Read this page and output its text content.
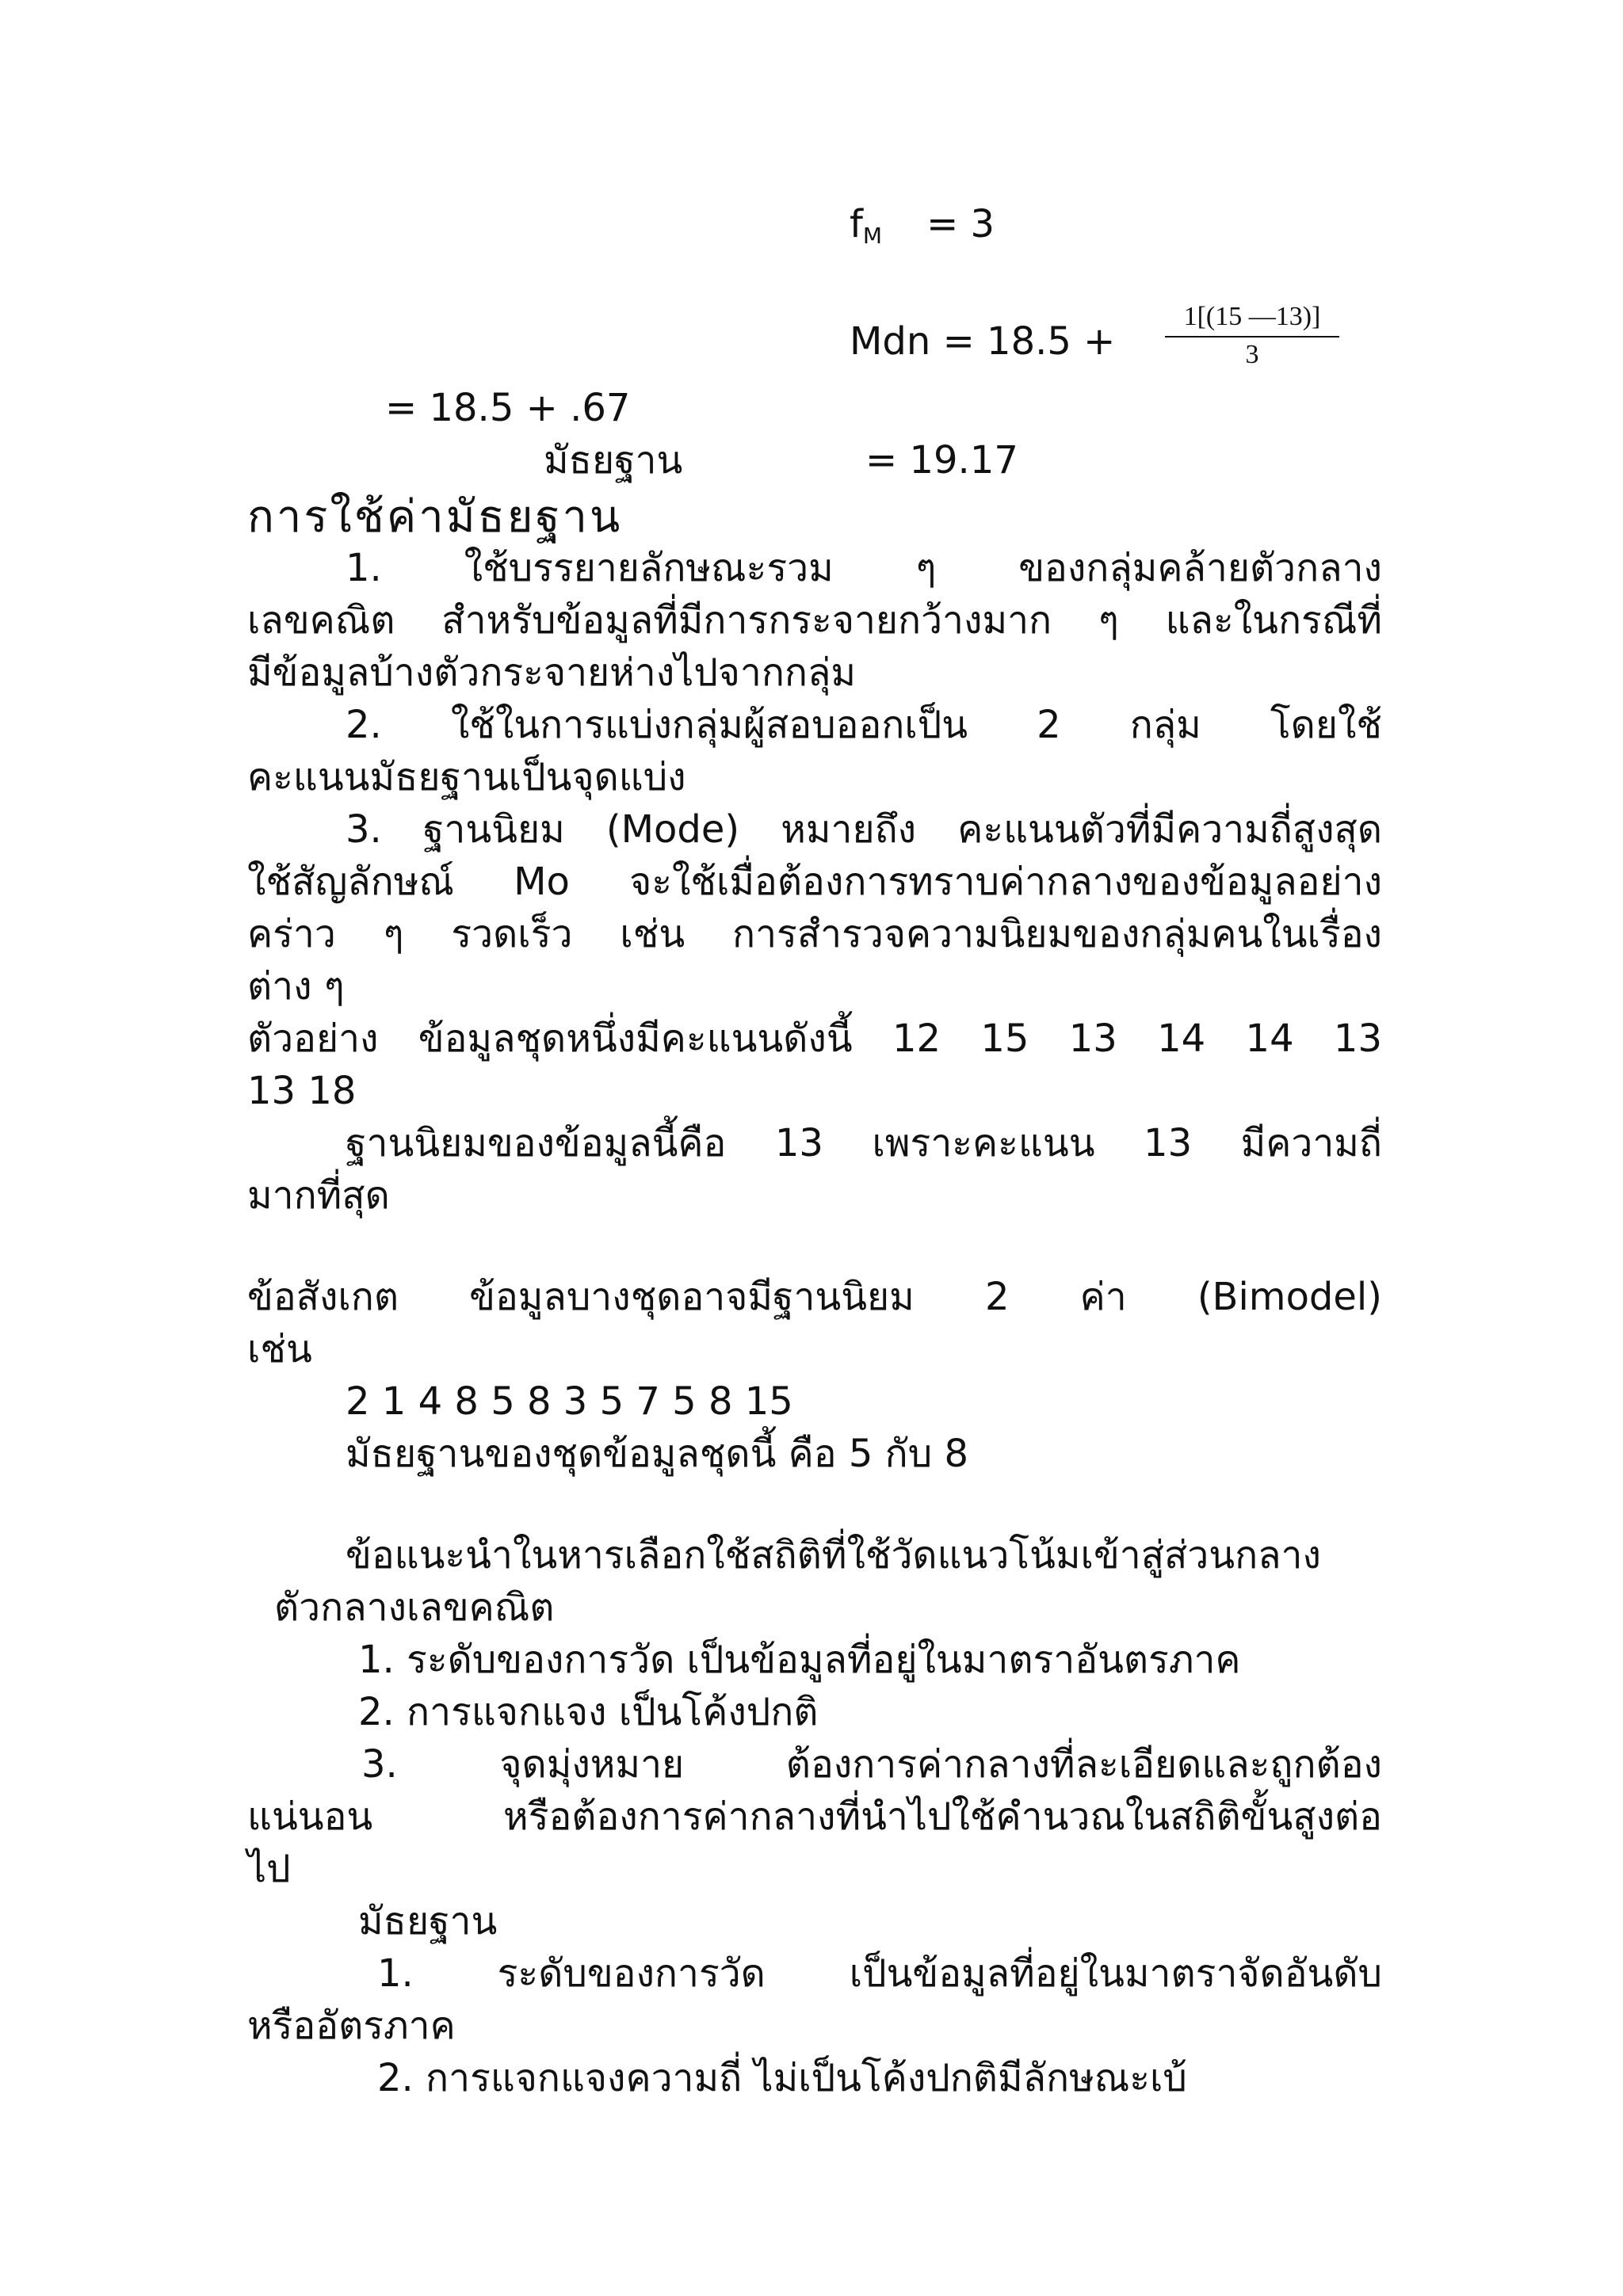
$f_M = 3$
Mdn = $18.5 + \frac{1[(15 —13)]}{3}$
= 18.5 + .67
มัธยฐาน	= 19.17
การใช้ค่ามัธยฐาน
1. ใช้บรรยายลักษณะรวม ๆ ของกลุ่มคล้ายตัวกลาง
เลขคณิต สำหรับข้อมูลที่มีการกระจายกว้างมาก ๆ และในกรณีที่
มีข้อมูลบ้างตัวกระจายห่างไปจากกลุ่ม
2. ใช้ในการแบ่งกลุ่มผู้สอบออกเป็น 2 กลุ่ม โดยใช้
คะแนนมัธยฐานเป็นจุดแบ่ง
3. ฐานนิยม (Mode) หมายถึง คะแนนตัวที่มีความถี่สูงสุด
ใช้สัญลักษณ์ Mo จะใช้เมื่อต้องการทราบค่ากลางของข้อมูลอย่าง
คร่าว ๆ รวดเร็ว เช่น การสำรวจความนิยมของกลุ่มคนในเรื่อง
ต่าง ๆ
ตัวอย่าง ข้อมูลชุดหนึ่งมีคะแนนดังนี้ 12 15 13 14 14 13
13 18
ฐานนิยมของข้อมูลนี้คือ 13 เพราะคะแนน 13 มีความถี่
มากที่สุด
ข้อสังเกต ข้อมูลบางชุดอาจมีฐานนิยม 2 ค่า (Bimodel)
เช่น
2 1 4 8 5 8 3 5 7 5 8 15
มัธยฐานของชุดข้อมูลชุดนี้ คือ 5 กับ 8
ข้อแนะนำในหารเลือกใช้สถิติที่ใช้วัดแนวโน้มเข้าสู่ส่วนกลาง
ตัวกลางเลขคณิต
1. ระดับของการวัด เป็นข้อมูลที่อยู่ในมาตราอันตรภาค
2. การแจกแจง เป็นโค้งปกติ
3. จุดมุ่งหมาย ต้องการค่ากลางที่ละเอียดและถูกต้อง
แน่นอน หรือต้องการค่ากลางที่นำไปใช้คำนวณในสถิติขั้นสูงต่อ
ไป
มัธยฐาน
1. ระดับของการวัด เป็นข้อมูลที่อยู่ในมาตราจัดอันดับ
หรืออัตรภาค
2. การแจกแจงความถี่ ไม่เป็นโค้งปกติมีลักษณะเบ้
